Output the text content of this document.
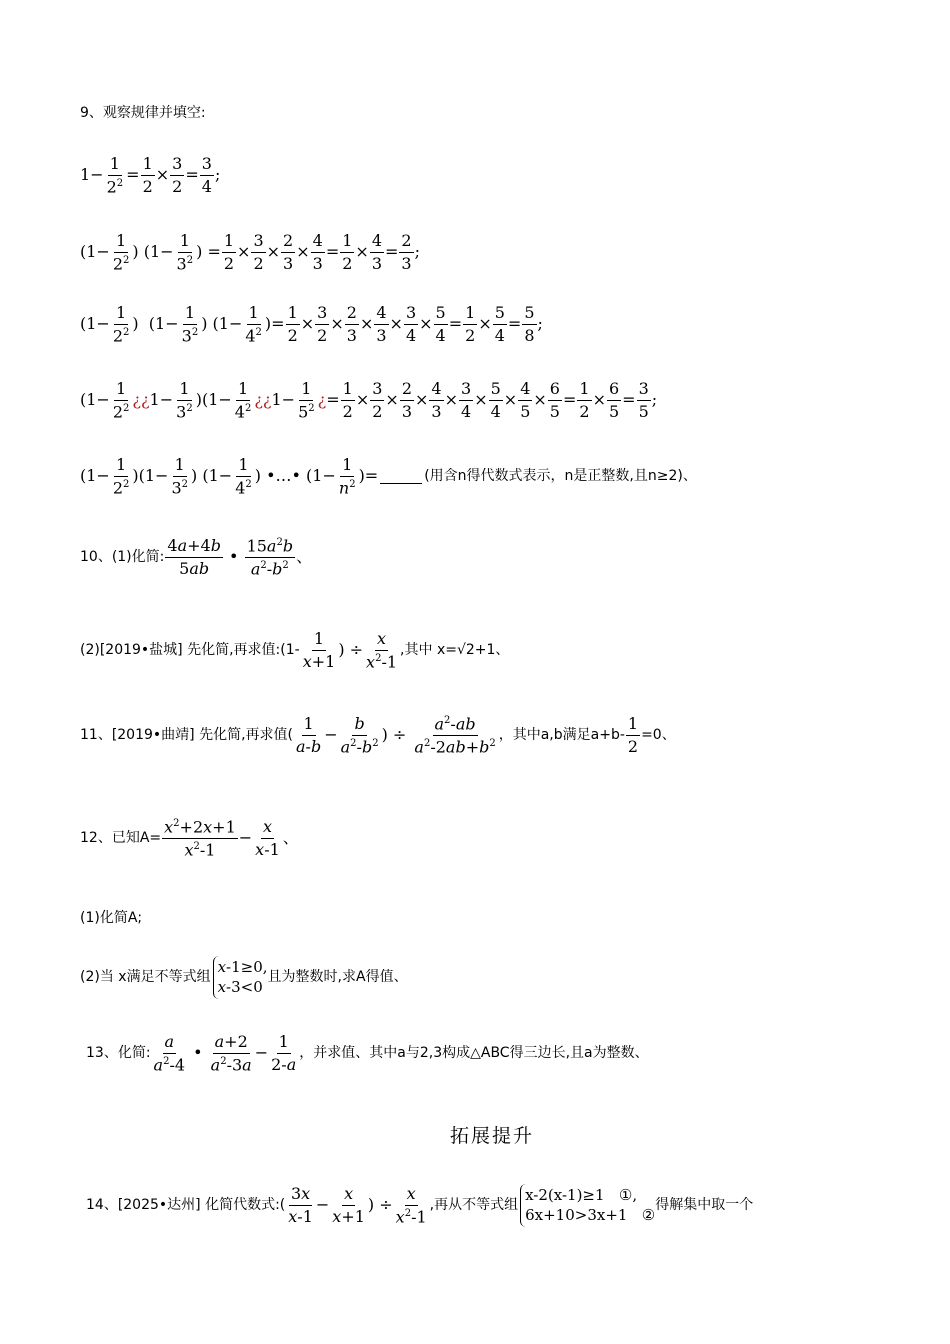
9、观察规律并填空:
1−
1
$2^2$ =
1
2
×
3
2
=
3
4
;
(1−
1
$2^2$ ) (1−
1
$3^2$ ) =
1
2
×
3
2
×
2
3
×
4
3
=
1
2
×
4
3
=
2
3
;
(1−
1
$2^2$ )  (1−
1
$3^2$ ) (1−
1
$4^2$ )=
1
2
×
3
2
×
2
3
×
4
3
×
3
4
×
5
4
=
1
2
×
5
4
=
5
8
;
(1−
1
$2^2$ ¿¿ 1−
1
$3^2$ )(1−
1
$4^2$ ¿¿ 1−
1
$5^2$ ¿ =
1
2
×
3
2
×
2
3
×
4
3
×
3
4
×
5
4
×
4
5
×
6
5
=
1
2
×
6
5
=
3
5
;
(1−
1
$2^2$ )(1−
1
$3^2$ ) (1−
1
$4^2$ ) •…• (1−
1
$n^2$ )=	(用含n得代数式表示，n是正整数,且n≥2)、
10、(1)化简:
4a+4b
5ab
•
$15a^2b$
$a^2-b^2$ 、
(2)[2019•盐城] 先化简,再求值:(1-
1
x+1
) ÷
x
$x^2-1$
,其中 x=√2+1、
11、[2019•曲靖] 先化简,再求值(
1
a-b
−
b
$a^2-b^2$ ) ÷
$a^2-ab$
$a^2-2ab+b^2$ ，其中a,b满足$a+b- \frac{1}{2} =0$、
12、已知A=
$x^2+2x+1$
$x^2-1$
−
x
x-1
、
(1)化简A;
(2)当 x满足不等式组
x-1≥0,
x-3<0
且为整数时,求A得值、
13、化简:
a
$a^2-4$
•
a+2
$a^2-3a$
−
1
2-a
，并求值、其中a与2,3构成△ABC得三边长,且a为整数、
拓展提升
14、[2025•达州] 化简代数式:(
3x
x-1
−
x
x+1
) ÷
x
$x^2-1$
,再从不等式组
x-2(x-1)≥1 ①,
6x+10>3x+1 ②
得解集中取一个
